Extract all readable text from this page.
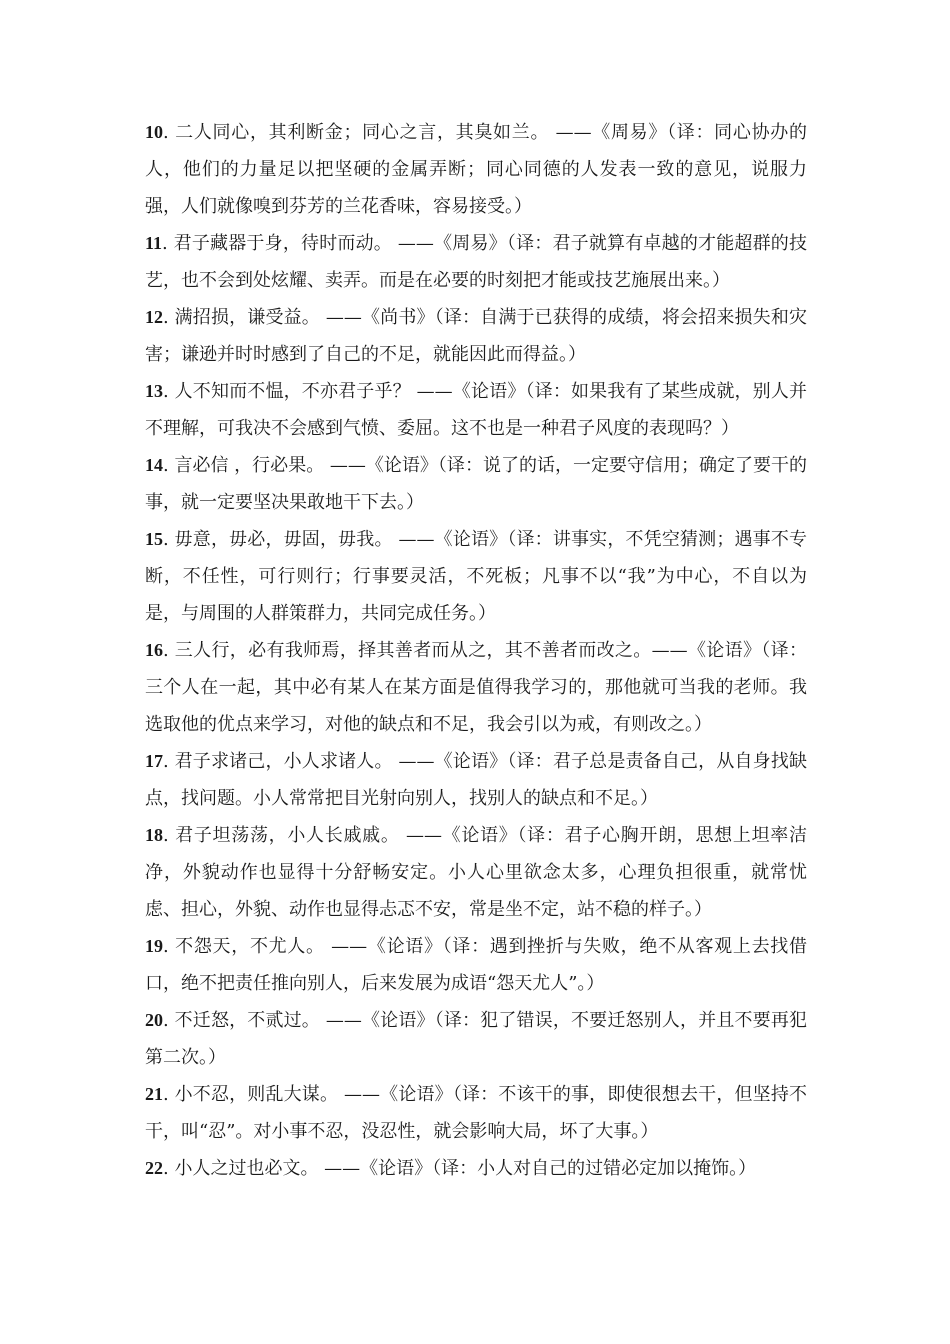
10. 二人同心，其利断金；同心之言，其臭如兰。 ——《周易》（译：同心协办的人，他们的力量足以把坚硬的金属弄断；同心同德的人发表一致的意见，说服力强，人们就像嗅到芬芳的兰花香味，容易接受。）

11. 君子藏器于身，待时而动。 ——《周易》（译：君子就算有卓越的才能超群的技艺，也不会到处炫耀、卖弄。而是在必要的时刻把才能或技艺施展出来。）

12. 满招损，谦受益。 ——《尚书》（译：自满于已获得的成绩，将会招来损失和灾害；谦逊并时时感到了自己的不足，就能因此而得益。）

13. 人不知而不愠，不亦君子乎？ ——《论语》（译：如果我有了某些成就，别人并不理解，可我决不会感到气愤、委屈。这不也是一种君子风度的表现吗？）

14. 言必信 ，行必果。 ——《论语》（译：说了的话，一定要守信用；确定了要干的事，就一定要坚决果敢地干下去。）

15. 毋意，毋必，毋固，毋我。 ——《论语》（译：讲事实，不凭空猜测；遇事不专断，不任性，可行则行；行事要灵活，不死板；凡事不以“我”为中心，不自以为是，与周围的人群策群力，共同完成任务。）

16. 三人行，必有我师焉，择其善者而从之，其不善者而改之。——《论语》（译：三个人在一起，其中必有某人在某方面是值得我学习的，那他就可当我的老师。我选取他的优点来学习，对他的缺点和不足，我会引以为戒，有则改之。）

17. 君子求诸己，小人求诸人。 ——《论语》（译：君子总是责备自己，从自身找缺点，找问题。小人常常把目光射向别人，找别人的缺点和不足。）

18. 君子坦荡荡，小人长戚戚。 ——《论语》（译：君子心胸开朗，思想上坦率洁净，外貌动作也显得十分舒畅安定。小人心里欲念太多，心理负担很重，就常忧虑、担心，外貌、动作也显得忐忑不安，常是坐不定，站不稳的样子。）

19. 不怨天，不尤人。 ——《论语》（译：遇到挫折与失败，绝不从客观上去找借口，绝不把责任推向别人，后来发展为成语“怨天尤人”。）

20. 不迁怒，不贰过。 ——《论语》（译：犯了错误，不要迁怒别人，并且不要再犯第二次。）

21. 小不忍，则乱大谋。 ——《论语》（译：不该干的事，即使很想去干，但坚持不干，叫“忍”。对小事不忍，没忍性，就会影响大局，坏了大事。）

22. 小人之过也必文。 ——《论语》（译：小人对自己的过错必定加以掩饰。）
